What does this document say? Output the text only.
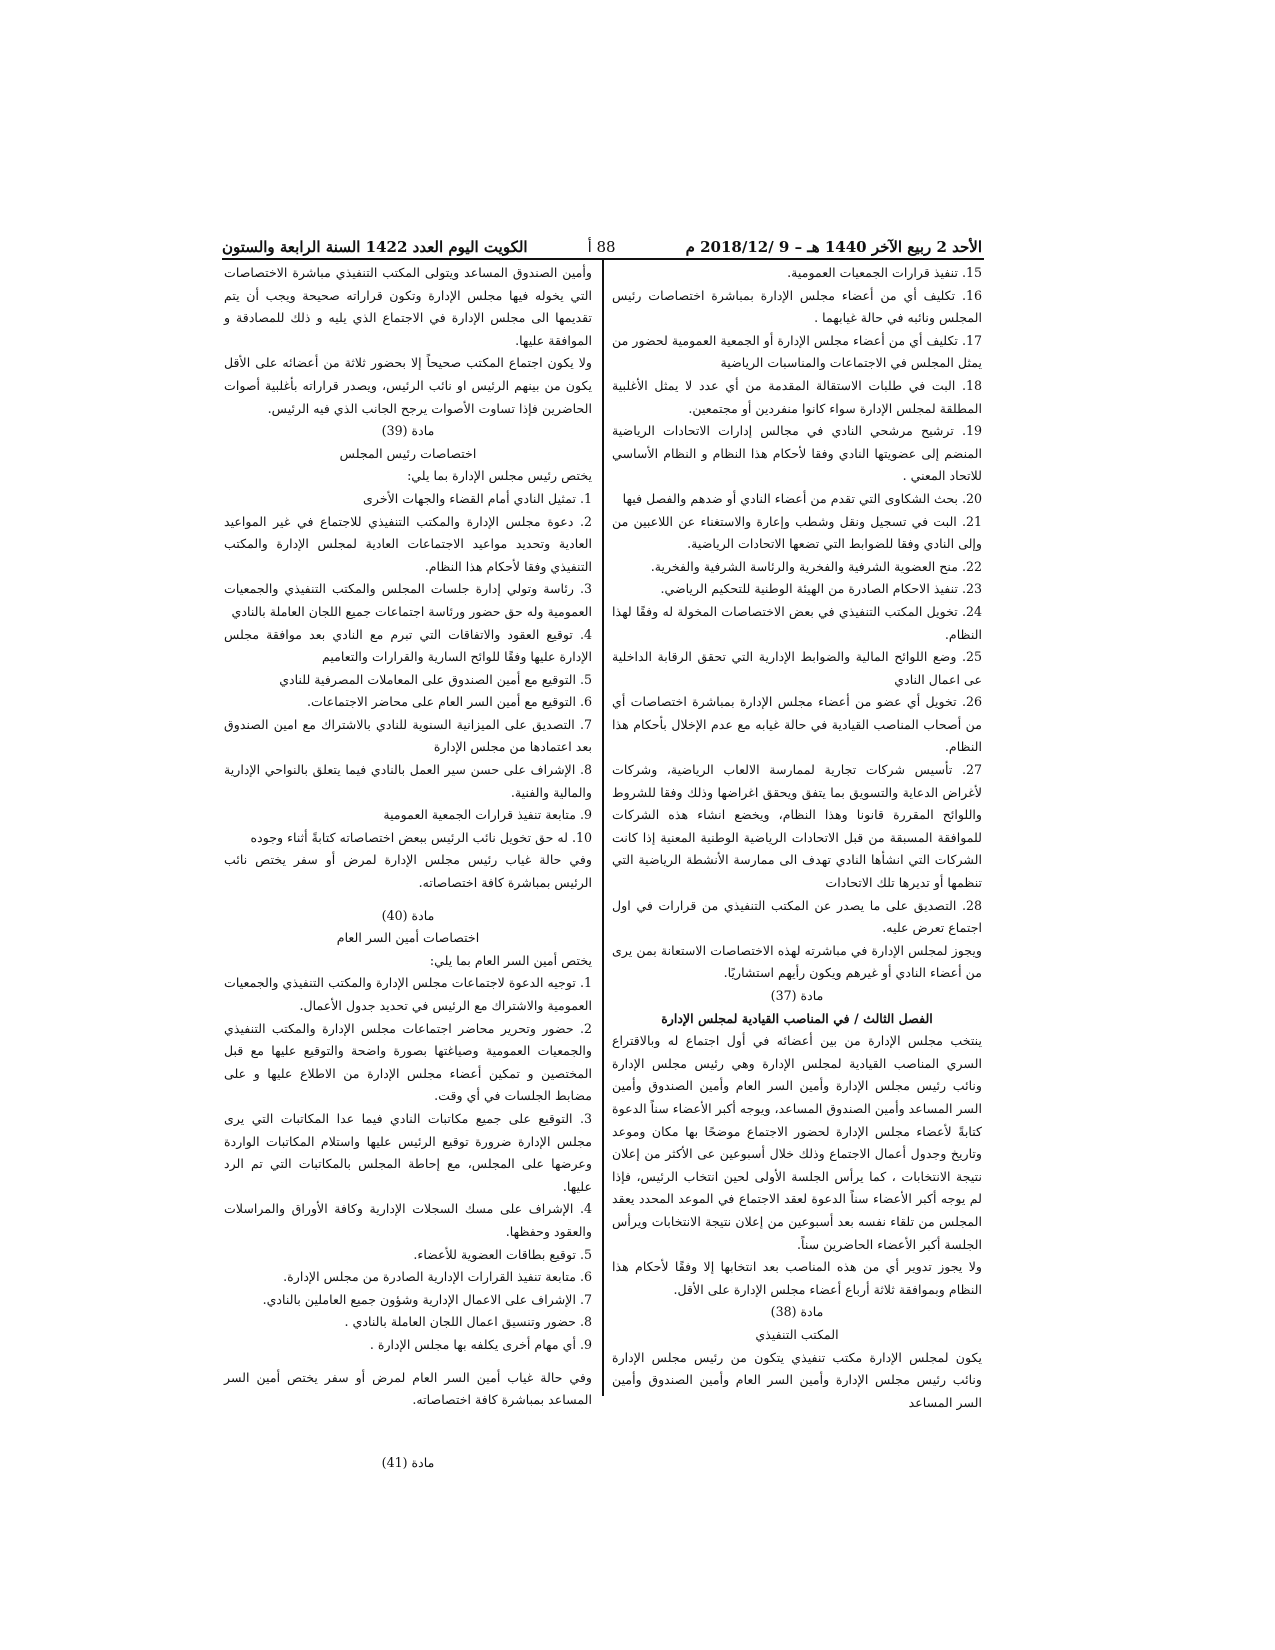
الكويت اليوم العدد 1422 السنة الرابعة والستون	88 أ	الأحد 2 ربيع الآخر 1440 هـ – 9 /2018/12 م

15. تنفيذ قرارات الجمعيات العمومية.

16. تكليف أي من أعضاء مجلس الإدارة بمباشرة اختصاصات رئيس المجلس ونائبه في حالة غيابهما .

17. تكليف أي من أعضاء مجلس الإدارة أو الجمعية العمومية لحضور من يمثل المجلس في الاجتماعات والمناسبات الرياضية

18. البت في طلبات الاستقالة المقدمة من أي عدد لا يمثل الأغلبية المطلقة لمجلس الإدارة سواء كانوا منفردين أو مجتمعين.

19. ترشيح مرشحي النادي في مجالس إدارات الاتحادات الرياضية المنضم إلى عضويتها النادي وفقا لأحكام هذا النظام و النظام الأساسي للاتحاد المعني .

20. بحث الشكاوى التي تقدم من أعضاء النادي أو ضدهم والفصل فيها

21. البت في تسجيل ونقل وشطب وإعارة والاستغناء عن اللاعبين من وإلى النادي وفقا للضوابط التي تضعها الاتحادات الرياضية.

22. منح العضوية الشرفية والفخرية والرئاسة الشرفية والفخرية.

23. تنفيذ الاحكام الصادرة من الهيئة الوطنية للتحكيم الرياضي.

24. تخويل المكتب التنفيذي في بعض الاختصاصات المخولة له وفقًا لهذا النظام.

25. وضع اللوائح المالية والضوابط الإدارية التي تحقق الرقابة الداخلية عى اعمال النادي

26. تخويل أي عضو من أعضاء مجلس الإدارة بمباشرة اختصاصات أي من أصحاب المناصب القيادية في حالة غيابه مع عدم الإخلال بأحكام هذا النظام.

27. تأسيس شركات تجارية لممارسة الالعاب الرياضية، وشركات لأغراض الدعاية والتسويق بما يتفق ويحقق اغراضها وذلك وفقا للشروط واللوائح المقررة قانونا وهذا النظام، ويخضع انشاء هذه الشركات للموافقة المسبقة من قبل الاتحادات الرياضية الوطنية المعنية إذا كانت الشركات التي انشأها النادي تهدف الى ممارسة الأنشطة الرياضية التي تنظمها أو تديرها تلك الاتحادات

28. التصديق على ما يصدر عن المكتب التنفيذي من قرارات في اول اجتماع تعرض عليه.

ويجوز لمجلس الإدارة في مباشرته لهذه الاختصاصات الاستعانة بمن يرى من أعضاء النادي أو غيرهم ويكون رأيهم استشاريًا.

مادة (37)

الفصل الثالث / في المناصب القيادية لمجلس الإدارة

ينتخب مجلس الإدارة من بين أعضائه في أول اجتماع له وبالاقتراع السري المناصب القيادية لمجلس الإدارة وهي رئيس مجلس الإدارة ونائب رئيس مجلس الإدارة وأمين السر العام وأمين الصندوق وأمين السر المساعد وأمين الصندوق المساعد، ويوجه أكبر الأعضاء سناً الدعوة كتابةً لأعضاء مجلس الإدارة لحضور الاجتماع موضحًا بها مكان وموعد وتاريخ وجدول أعمال الاجتماع وذلك خلال أسبوعين عى الأكثر من إعلان نتيجة الانتخابات ، كما يرأس الجلسة الأولى لحين انتخاب الرئيس، فإذا لم يوجه أكبر الأعضاء سناً الدعوة لعقد الاجتماع في الموعد المحدد يعقد المجلس من تلقاء نفسه بعد أسبوعين من إعلان نتيجة الانتخابات ويرأس الجلسة أكبر الأعضاء الحاضرين سناً.

ولا يجوز تدوير أي من هذه المناصب بعد انتخابها إلا وفقًا لأحكام هذا النظام وبموافقة ثلاثة أرباع أعضاء مجلس الإدارة على الأقل.

مادة (38)

المكتب التنفيذي

يكون لمجلس الإدارة مكتب تنفيذي يتكون من رئيس مجلس الإدارة ونائب رئيس مجلس الإدارة وأمين السر العام وأمين الصندوق وأمين السر المساعد

وأمين الصندوق المساعد ويتولى المكتب التنفيذي مباشرة الاختصاصات التي يخوله فيها مجلس الإدارة وتكون قراراته صحيحة ويجب أن يتم تقديمها الى مجلس الإدارة في الاجتماع الذي يليه و ذلك للمصادقة و الموافقة عليها.

ولا يكون اجتماع المكتب صحيحاً إلا بحضور ثلاثة من أعضائه على الأقل يكون من بينهم الرئيس او نائب الرئيس، ويصدر قراراته بأغلبية أصوات الحاضرين فإذا تساوت الأصوات يرجح الجانب الذي فيه الرئيس.

مادة (39)

اختصاصات رئيس المجلس

يختص رئيس مجلس الإدارة بما يلي:

1. تمثيل النادي أمام القضاء والجهات الأخرى

2. دعوة مجلس الإدارة والمكتب التنفيذي للاجتماع في غير المواعيد العادية وتحديد مواعيد الاجتماعات العادية لمجلس الإدارة والمكتب التنفيذي وفقا لأحكام هذا النظام.

3. رئاسة وتولي إدارة جلسات المجلس والمكتب التنفيذي والجمعيات العمومية وله حق حضور ورئاسة اجتماعات جميع اللجان العاملة بالنادي

4. توقيع العقود والاتفاقات التي تبرم مع النادي بعد موافقة مجلس الإدارة عليها وفقًا للوائح السارية والقرارات والتعاميم

5. التوقيع مع أمين الصندوق على المعاملات المصرفية للنادي

6. التوقيع مع أمين السر العام على محاضر الاجتماعات.

7. التصديق على الميزانية السنوية للنادي بالاشتراك مع امين الصندوق بعد اعتمادها من مجلس الإدارة

8. الإشراف على حسن سير العمل بالنادي فيما يتعلق بالنواحي الإدارية والمالية والفنية.

9. متابعة تنفيذ قرارات الجمعية العمومية

10. له حق تخويل نائب الرئيس ببعض اختصاصاته كتابةً أثناء وجوده

وفي حالة غياب رئيس مجلس الإدارة لمرض أو سفر يختص نائب الرئيس بمباشرة كافة اختصاصاته.

مادة (40)

اختصاصات أمين السر العام

يختص أمين السر العام بما يلي:

1. توجيه الدعوة لاجتماعات مجلس الإدارة والمكتب التنفيذي والجمعيات العمومية والاشتراك مع الرئيس في تحديد جدول الأعمال.

2. حضور وتحرير محاضر اجتماعات مجلس الإدارة والمكتب التنفيذي والجمعيات العمومية وصياغتها بصورة واضحة والتوقيع عليها مع قبل المختصين و تمكين أعضاء مجلس الإدارة من الاطلاع عليها و على مضابط الجلسات في أي وقت.

3. التوقيع على جميع مكاتبات النادي فيما عدا المكاتبات التي يرى مجلس الإدارة ضرورة توقيع الرئيس عليها واستلام المكاتبات الواردة وعرضها على المجلس، مع إحاطة المجلس بالمكاتبات التي تم الرد عليها.

4. الإشراف على مسك السجلات الإدارية وكافة الأوراق والمراسلات والعقود وحفظها.

5. توقيع بطاقات العضوية للأعضاء.

6. متابعة تنفيذ القرارات الإدارية الصادرة من مجلس الإدارة.

7. الإشراف على الاعمال الإدارية وشؤون جميع العاملين بالنادي.

8. حضور وتنسيق اعمال اللجان العاملة بالنادي .

9. أي مهام أخرى يكلفه بها مجلس الإدارة .

وفي حالة غياب أمين السر العام لمرض أو سفر يختص أمين السر المساعد بمباشرة كافة اختصاصاته.

مادة (41)
